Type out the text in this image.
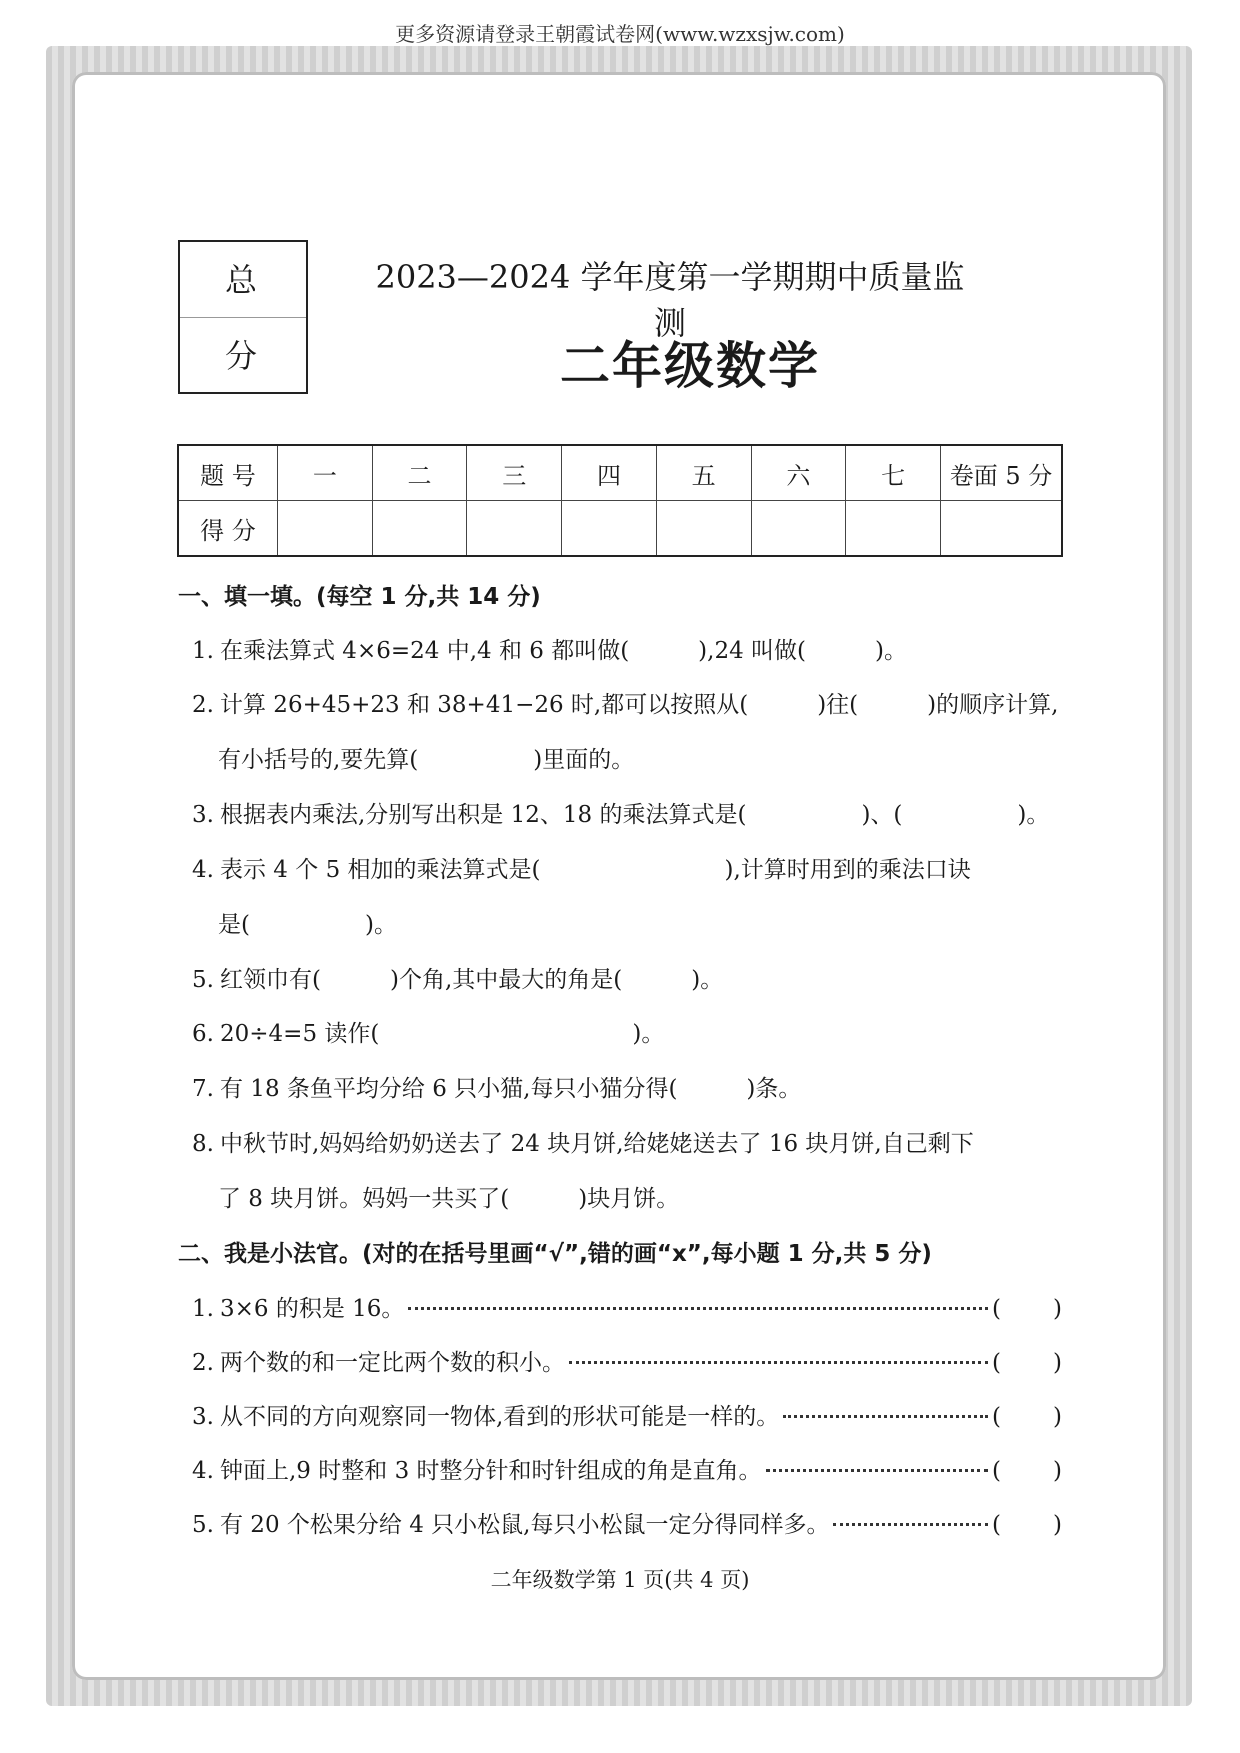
更多资源请登录王朝霞试卷网(www.wzxsjw.com)
总 分
2023—2024 学年度第一学期期中质量监测
二年级数学
题 号	一	二	三	四	五	六	七	卷面 5 分
得 分								
一、填一填。(每空 1 分,共 14 分)
1. 在乘法算式 4×6=24 中,4 和 6 都叫做(　　　),24 叫做(　　　)。
2. 计算 26+45+23 和 38+41−26 时,都可以按照从(　　　)往(　　　)的顺序计算,
有小括号的,要先算(　　　　　)里面的。
3. 根据表内乘法,分别写出积是 12、18 的乘法算式是(　　　　　)、(　　　　　)。
4. 表示 4 个 5 相加的乘法算式是(　　　　　　　　),计算时用到的乘法口诀
是(　　　　　)。
5. 红领巾有(　　　)个角,其中最大的角是(　　　)。
6. 20÷4=5 读作(　　　　　　　　　　　)。
7. 有 18 条鱼平均分给 6 只小猫,每只小猫分得(　　　)条。
8. 中秋节时,妈妈给奶奶送去了 24 块月饼,给姥姥送去了 16 块月饼,自己剩下
了 8 块月饼。妈妈一共买了(　　　)块月饼。
二、我是小法官。(对的在括号里画“√”,错的画“x”,每小题 1 分,共 5 分)
1. 3×6 的积是 16。	( )
2. 两个数的和一定比两个数的积小。	( )
3. 从不同的方向观察同一物体,看到的形状可能是一样的。	( )
4. 钟面上,9 时整和 3 时整分针和时针组成的角是直角。	( )
5. 有 20 个松果分给 4 只小松鼠,每只小松鼠一定分得同样多。	( )
二年级数学第 1 页(共 4 页)
